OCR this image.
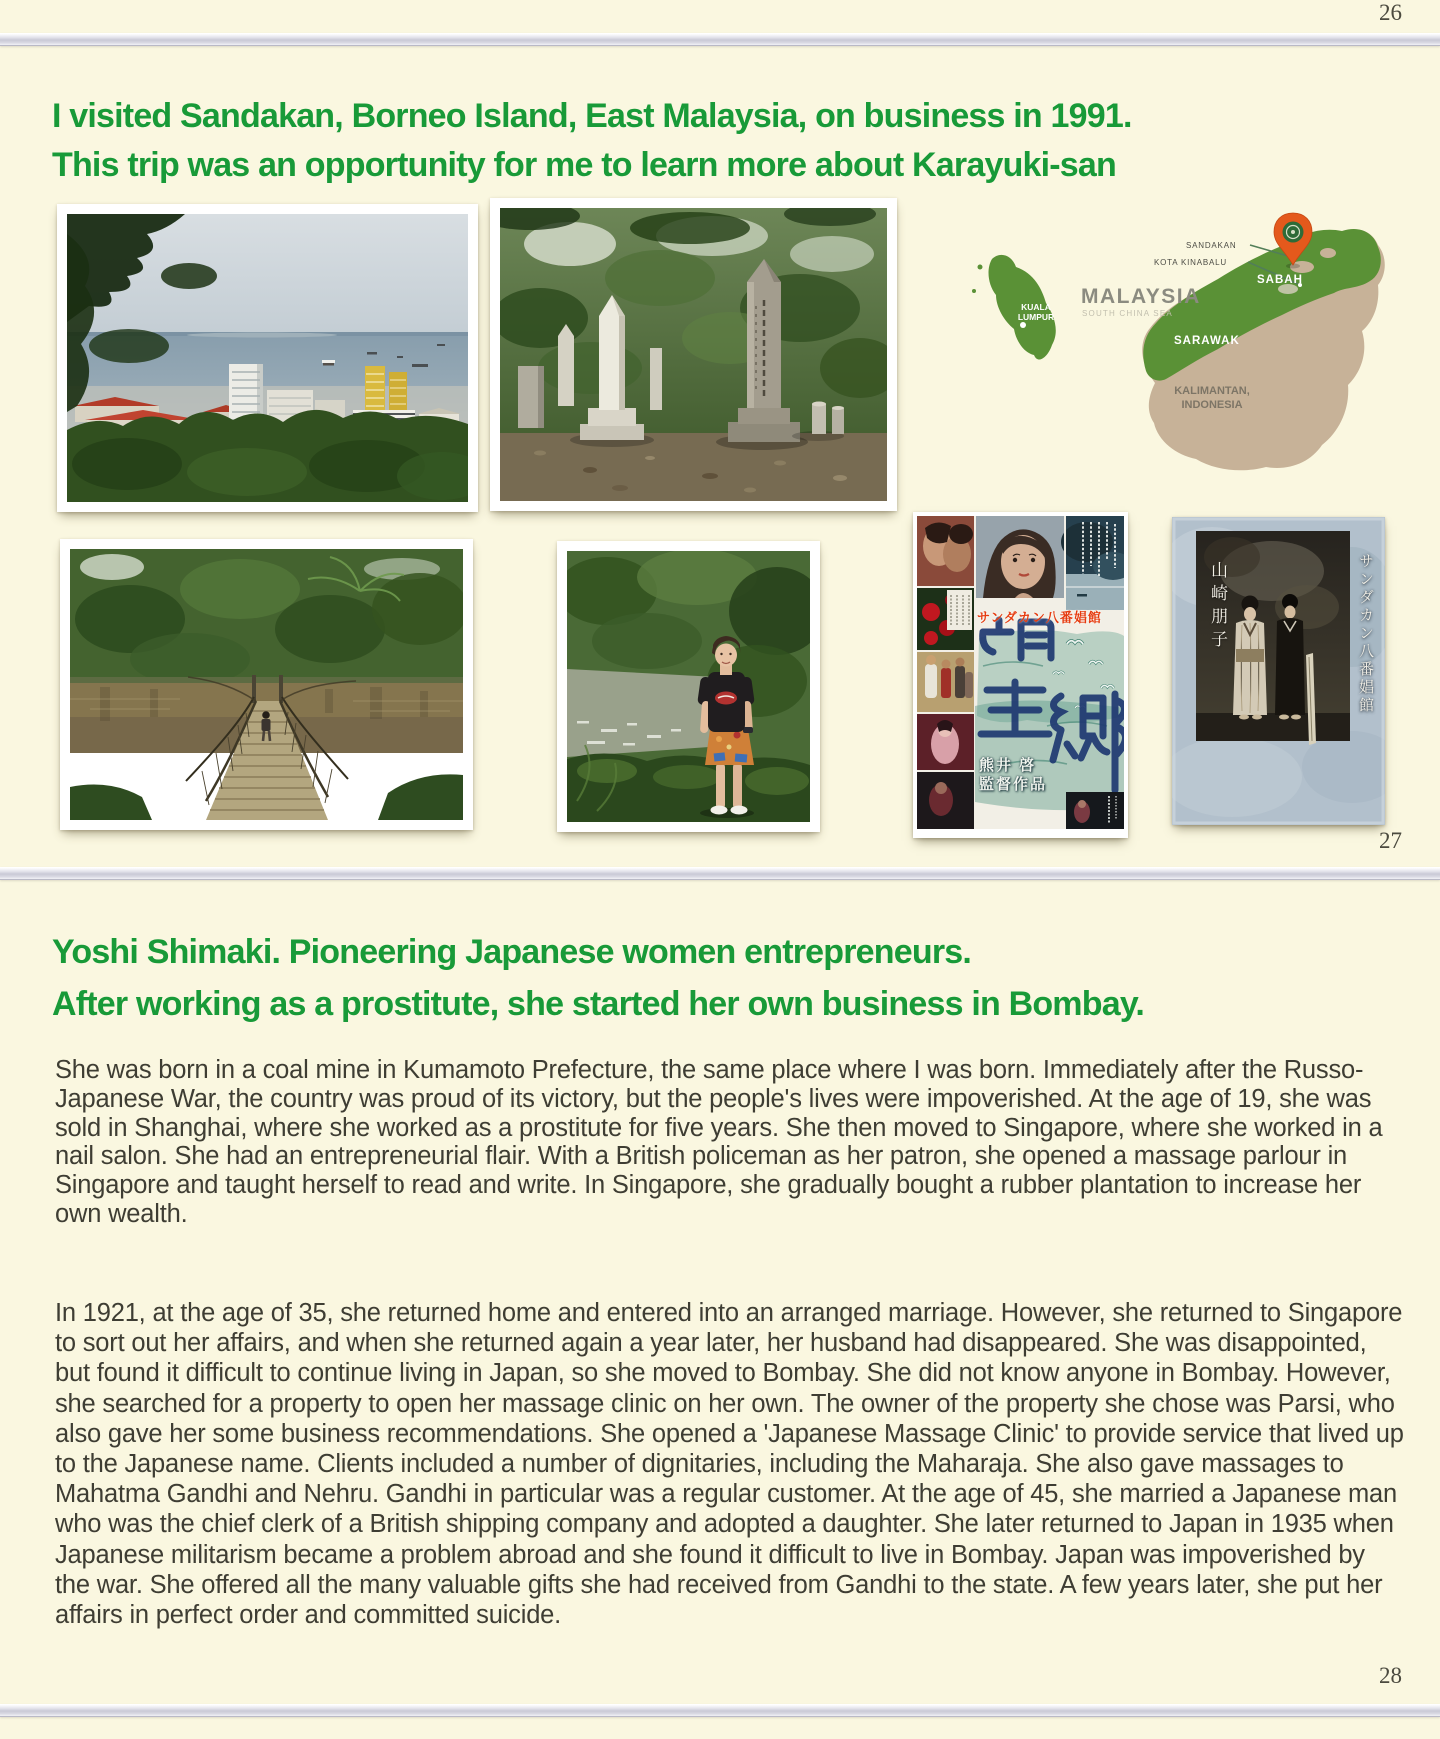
26
I visited Sandakan, Borneo Island, East Malaysia, on business in 1991.
This trip was an opportunity for me to learn more about Karayuki-san
MALAYSIA
SOUTH CHINA SEA
SANDAKAN
KOTA KINABALU
KUALA
LUMPUR
SARAWAK
SABAH
KALIMANTAN,
INDONESIA
サンダカン八番娼館
熊井 啓
監督作品
山崎朋子	サンダカン八番娼館
27
Yoshi Shimaki. Pioneering Japanese women entrepreneurs.
After working as a prostitute, she started her own business in Bombay.
She was born in a coal mine in Kumamoto Prefecture, the same place where I was born. Immediately after the Russo-Japanese War, the country was proud of its victory, but the people's lives were impoverished. At the age of 19, she was sold in Shanghai, where she worked as a prostitute for five years. She then moved to Singapore, where she worked in a nail salon. She had an entrepreneurial flair. With a British policeman as her patron, she opened a massage parlour in Singapore and taught herself to read and write. In Singapore, she gradually bought a rubber plantation to increase her own wealth.
In 1921, at the age of 35, she returned home and entered into an arranged marriage. However, she returned to Singapore to sort out her affairs, and when she returned again a year later, her husband had disappeared. She was disappointed, but found it difficult to continue living in Japan, so she moved to Bombay. She did not know anyone in Bombay. However, she searched for a property to open her massage clinic on her own. The owner of the property she chose was Parsi, who also gave her some business recommendations. She opened a 'Japanese Massage Clinic' to provide service that lived up to the Japanese name. Clients included a number of dignitaries, including the Maharaja. She also gave massages to Mahatma Gandhi and Nehru. Gandhi in particular was a regular customer. At the age of 45, she married a Japanese man who was the chief clerk of a British shipping company and adopted a daughter. She later returned to Japan in 1935 when Japanese militarism became a problem abroad and she found it difficult to live in Bombay. Japan was impoverished by the war. She offered all the many valuable gifts she had received from Gandhi to the state. A few years later, she put her affairs in perfect order and committed suicide.
28
